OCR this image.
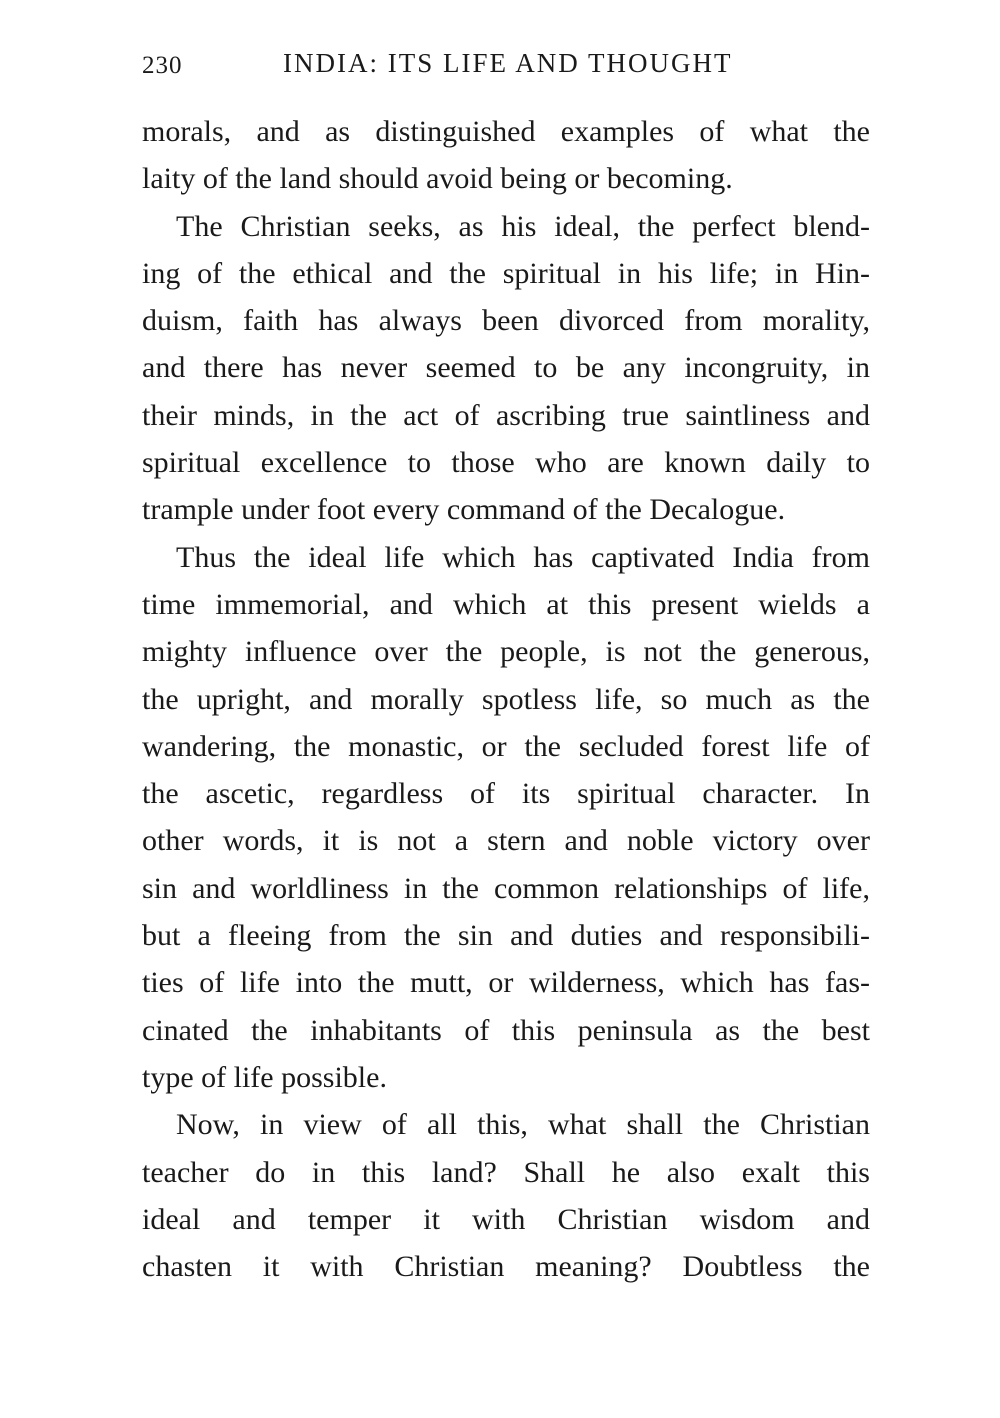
230	INDIA: ITS LIFE AND THOUGHT
morals, and as distinguished examples of what the
laity of the land should avoid being or becoming.
The Christian seeks, as his ideal, the perfect blend-
ing of the ethical and the spiritual in his life; in Hin-
duism, faith has always been divorced from morality,
and there has never seemed to be any incongruity, in
their minds, in the act of ascribing true saintliness and
spiritual excellence to those who are known daily to
trample under foot every command of the Decalogue.
Thus the ideal life which has captivated India from
time immemorial, and which at this present wields a
mighty influence over the people, is not the generous,
the upright, and morally spotless life, so much as the
wandering, the monastic, or the secluded forest life of
the ascetic, regardless of its spiritual character. In
other words, it is not a stern and noble victory over
sin and worldliness in the common relationships of life,
but a fleeing from the sin and duties and responsibili-
ties of life into the mutt, or wilderness, which has fas-
cinated the inhabitants of this peninsula as the best
type of life possible.
Now, in view of all this, what shall the Christian
teacher do in this land? Shall he also exalt this
ideal and temper it with Christian wisdom and
chasten it with Christian meaning? Doubtless the
